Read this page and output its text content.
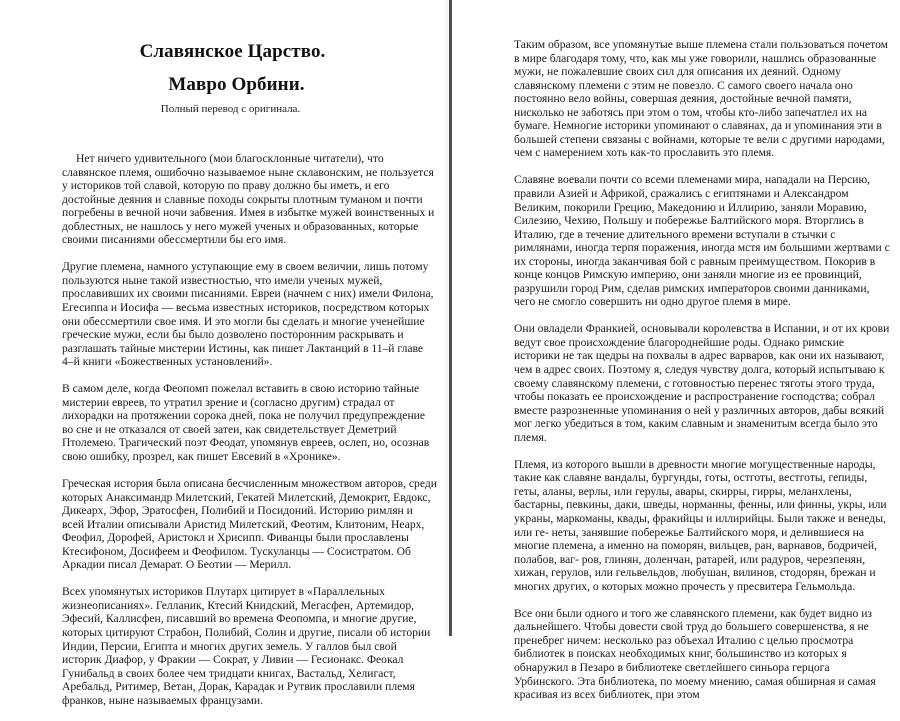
Славянское Царство.
Мавро Орбини.
Полный перевод с оригинала.

Нет ничего удивительного (мои благосклонные читатели), что славянское племя, ошибочно называемое ныне склавонским, не пользуется у историков той славой, которую по праву должно бы иметь, и его достойные деяния и славные походы сокрыты плотным туманом и почти погребены в вечной ночи забвения. Имея в избытке мужей воинственных и доблестных, не нашлось у него мужей ученых и образованных, которые своими писаниями обессмертили бы его имя.

Другие племена, намного уступающие ему в своем величии, лишь потому пользуются ныне такой известностью, что имели ученых мужей, прославивших их своими писаниями. Евреи (начнем с них) имели Филона, Егесиппа и Иосифа — весьма известных историков, посредством которых они обессмертили свое имя. И это могли бы сделать и многие ученейшие греческие мужи, если бы было дозволено посторонним раскрывать и разглашать тайные мистерии Истины, как пишет Лактанций в 11–й главе 4–й книги «Божественных установлений».

В самом деле, когда Феопомп пожелал вставить в свою историю тайные мистерии евреев, то утратил зрение и (согласно другим) страдал от лихорадки на протяжении сорока дней, пока не получил предупреждение во сне и не отказался от своей затеи, как свидетельствует Деметрий Птолемею. Трагический поэт Феодат, упомянув евреев, ослеп, но, осознав свою ошибку, прозрел, как пишет Евсевий в «Хронике».

Греческая история была описана бесчисленным множеством авторов, среди которых Анаксимандр Милетский, Гекатей Милетский, Демокрит, Евдокс, Дикеарх, Эфор, Эратосфен, Полибий и Посидоний. Историю римлян и всей Италии описывали Аристид Милетский, Феотим, Клитоним, Неарх, Феофил, Дорофей, Аристокл и Хрисипп. Фиванцы были прославлены Ктесифоном, Досифеем и Феофилом. Тускуланцы — Сосистратом. Об Аркадии писал Демарат. О Беотии — Мерилл.

Всех упомянутых историков Плутарх цитирует в «Параллельных жизнеописаниях». Гелланик, Ктесий Книдский, Мегасфен, Артемидор, Эфесий, Каллисфен, писавший во времена Феопомпа, и многие другие, которых цитируют Страбон, Полибий, Солин и другие, писали об истории Индии, Персии, Египта и многих других земель. У галлов был свой историк Диафор, у Фракии — Сократ, у Ливии — Гесионакс. Феокал Гунибальд в своих более чем тридцати книгах, Вастальд, Хелигаст, Аребальд, Ритимер, Ветан, Дорак, Карадак и Рутвик прославили племя франков, ныне называемых французами.

Таким образом, все упомянутые выше племена стали пользоваться почетом в мире благодаря тому, что, как мы уже говорили, нашлись образованные мужи, не пожалевшие своих сил для описания их деяний. Одному славянскому племени с этим не повезло. С самого своего начала оно постоянно вело войны, совершая деяния, достойные вечной памяти, нисколько не заботясь при этом о том, чтобы кто-либо запечатлел их на бумаге. Немногие историки упоминают о славянах, да и упоминания эти в большей степени связаны с войнами, которые те вели с другими народами, чем с намерением хоть как-то прославить это племя.

Славяне воевали почти со всеми племенами мира, нападали на Персию, правили Азией и Африкой, сражались с египтянами и Александром Великим, покорили Грецию, Македонию и Иллирию, заняли Моравию, Силезию, Чехию, Польшу и побережье Балтийского моря. Вторглись в Италию, где в течение длительного времени вступали в стычки с римлянами, иногда терпя поражения, иногда мстя им большими жертвами с их стороны, иногда заканчивая бой с равным преимуществом. Покорив в конце концов Римскую империю, они заняли многие из ее провинций, разрушили город Рим, сделав римских императоров своими данниками, чего не смогло совершить ни одно другое племя в мире.

Они овладели Франкией, основывали королевства в Испании, и от их крови ведут свое происхождение благороднейшие роды. Однако римские историки не так щедры на похвалы в адрес варваров, как они их называют, чем в адрес своих. Поэтому я, следуя чувству долга, который испытываю к своему славянскому племени, с готовностью перенес тяготы этого труда, чтобы показать ее происхождение и распространение господства; собрал вместе разрозненные упоминания о ней у различных авторов, дабы всякий мог легко убедиться в том, каким славным и знаменитым всегда было это племя.

Племя, из которого вышли в древности многие могущественные народы, такие как славяне вандалы, бургунды, готы, остготы, вестготы, гепиды, геты, аланы, верлы, или герулы, авары, скирры, гирры, меланхлены, бастарны, певкины, даки, шведы, норманны, фенны, или финны, укры, или украны, маркоманы, квады, фракийцы и иллирийцы. Были также и венеды, или ге- неты, занявшие побережье Балтийского моря, и делившиеся на многие племена, а именно на поморян, вильцев, ран, варнавов, бодричей, полабов, ваг- ров, глинян, доленчан, ратарей, или радуров, черезпенян, хижан, герулов, или гельвельдов, любушан, вилинов, стодорян, брежан и многих других, о которых можно прочесть у пресвитера Гельмольда.

Все они были одного и того же славянского племени, как будет видно из дальнейшего. Чтобы довести свой труд до большего совершенства, я не пренебрег ничем: несколько раз объехал Италию с целью просмотра библиотек в поисках необходимых книг, большинство из которых я обнаружил в Пезаро в библиотеке светлейшего синьора герцога Урбинского. Эта библиотека, по моему мнению, самая обширная и самая красивая из всех библиотек, при этом
